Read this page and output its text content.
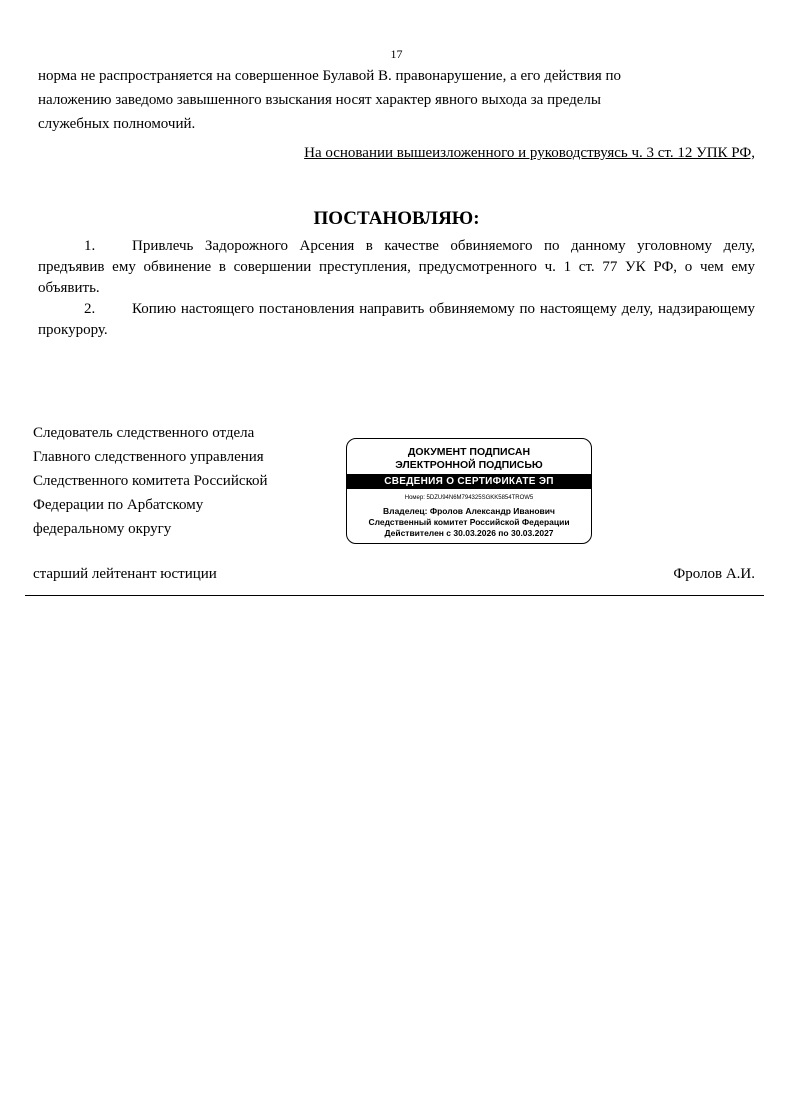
17
норма не распространяется на совершенное Булавой В. правонарушение, а его действия по
наложению заведомо завышенного взыскания носят характер явного выхода за пределы
служебных полномочий.
На основании вышеизложенного и руководствуясь ч. 3 ст. 12 УПК РФ,
ПОСТАНОВЛЯЮ:
1. Привлечь Задорожного Арсения в качестве обвиняемого по данному уголовному делу, предъявив ему обвинение в совершении преступления, предусмотренного ч. 1 ст. 77 УК РФ, о чем ему объявить.
2. Копию настоящего постановления направить обвиняемому по настоящему делу, надзирающему прокурору.
Следователь следственного отдела
Главного следственного управления
Следственного комитета Российской
Федерации по Арбатскому
федеральному округу
ДОКУМЕНТ ПОДПИСАН
ЭЛЕКТРОННОЙ ПОДПИСЬЮ
СВЕДЕНИЯ О СЕРТИФИКАТЕ ЭП
Номер: 5DZU94N6M794325SGKK5854TROW5
Владелец: Фролов Александр Иванович
Следственный комитет Российской Федерации
Действителен с 30.03.2026 по 30.03.2027
старший лейтенант юстиции	Фролов А.И.
